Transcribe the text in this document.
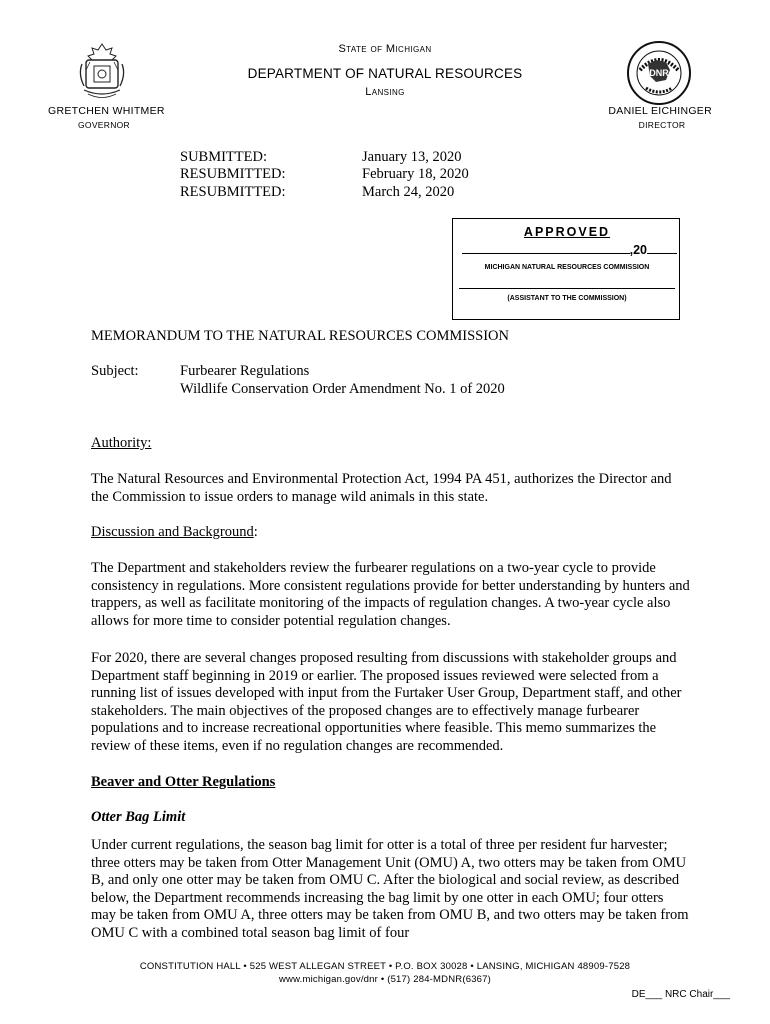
State of Michigan
DEPARTMENT OF NATURAL RESOURCES
Lansing
DNR
GRETCHEN WHITMER
GOVERNOR
DANIEL EICHINGER
DIRECTOR
SUBMITTED:	January 13, 2020
RESUBMITTED:	February 18, 2020
RESUBMITTED:	March 24, 2020
APPROVED
,20
MICHIGAN NATURAL RESOURCES COMMISSION
(ASSISTANT TO THE COMMISSION)
MEMORANDUM TO THE NATURAL RESOURCES COMMISSION
Subject:	Furbearer Regulations
Wildlife Conservation Order Amendment No. 1 of 2020
Authority:
The Natural Resources and Environmental Protection Act, 1994 PA 451, authorizes the Director and the Commission to issue orders to manage wild animals in this state.
Discussion and Background:
The Department and stakeholders review the furbearer regulations on a two-year cycle to provide consistency in regulations. More consistent regulations provide for better understanding by hunters and trappers, as well as facilitate monitoring of the impacts of regulation changes. A two-year cycle also allows for more time to consider potential regulation changes.
For 2020, there are several changes proposed resulting from discussions with stakeholder groups and Department staff beginning in 2019 or earlier. The proposed issues reviewed were selected from a running list of issues developed with input from the Furtaker User Group, Department staff, and other stakeholders. The main objectives of the proposed changes are to effectively manage furbearer populations and to increase recreational opportunities where feasible. This memo summarizes the review of these items, even if no regulation changes are recommended.
Beaver and Otter Regulations
Otter Bag Limit
Under current regulations, the season bag limit for otter is a total of three per resident fur harvester; three otters may be taken from Otter Management Unit (OMU) A, two otters may be taken from OMU B, and only one otter may be taken from OMU C. After the biological and social review, as described below, the Department recommends increasing the bag limit by one otter in each OMU; four otters may be taken from OMU A, three otters may be taken from OMU B, and two otters may be taken from OMU C with a combined total season bag limit of four
CONSTITUTION HALL • 525 WEST ALLEGAN STREET • P.O. BOX 30028 • LANSING, MICHIGAN 48909-7528
www.michigan.gov/dnr • (517) 284-MDNR(6367)
DE___ NRC Chair___
